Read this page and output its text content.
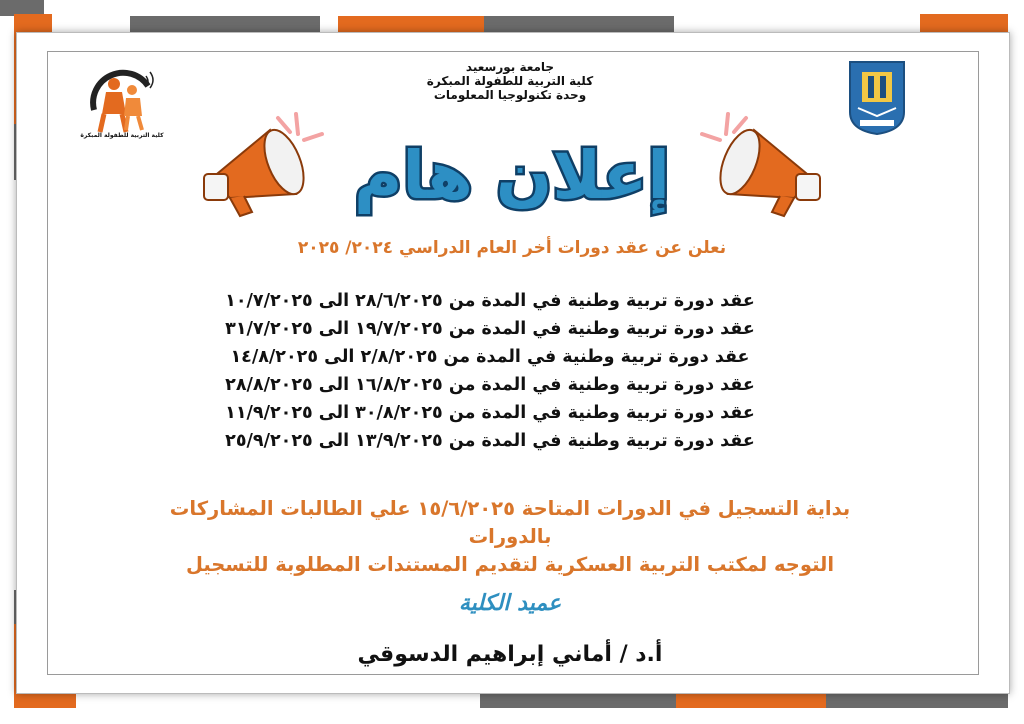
كلية التربية للطفولة المبكرة
جامعة بورسعيد
كلية التربية للطفولة المبكرة
وحدة تكنولوجيا المعلومات
إعلان هام
نعلن عن عقد دورات أخر العام الدراسي ٢٠٢٤/ ٢٠٢٥
عقد دورة تربية وطنية في المدة من ٢٨/٦/٢٠٢٥ الى ١٠/٧/٢٠٢٥
عقد دورة تربية وطنية في المدة من ١٩/٧/٢٠٢٥ الى ٣١/٧/٢٠٢٥
عقد دورة تربية وطنية في المدة من ٢/٨/٢٠٢٥ الى ١٤/٨/٢٠٢٥
عقد دورة تربية وطنية في المدة من ١٦/٨/٢٠٢٥ الى ٢٨/٨/٢٠٢٥
عقد دورة تربية وطنية في المدة من ٣٠/٨/٢٠٢٥ الى ١١/٩/٢٠٢٥
عقد دورة تربية وطنية في المدة من ١٣/٩/٢٠٢٥ الى ٢٥/٩/٢٠٢٥
بداية التسجيل في الدورات المتاحة ١٥/٦/٢٠٢٥ علي الطالبات المشاركات بالدورات
التوجه لمكتب التربية العسكرية لتقديم المستندات المطلوبة للتسجيل
عميد الكلية
أ.د / أماني إبراهيم الدسوقي
